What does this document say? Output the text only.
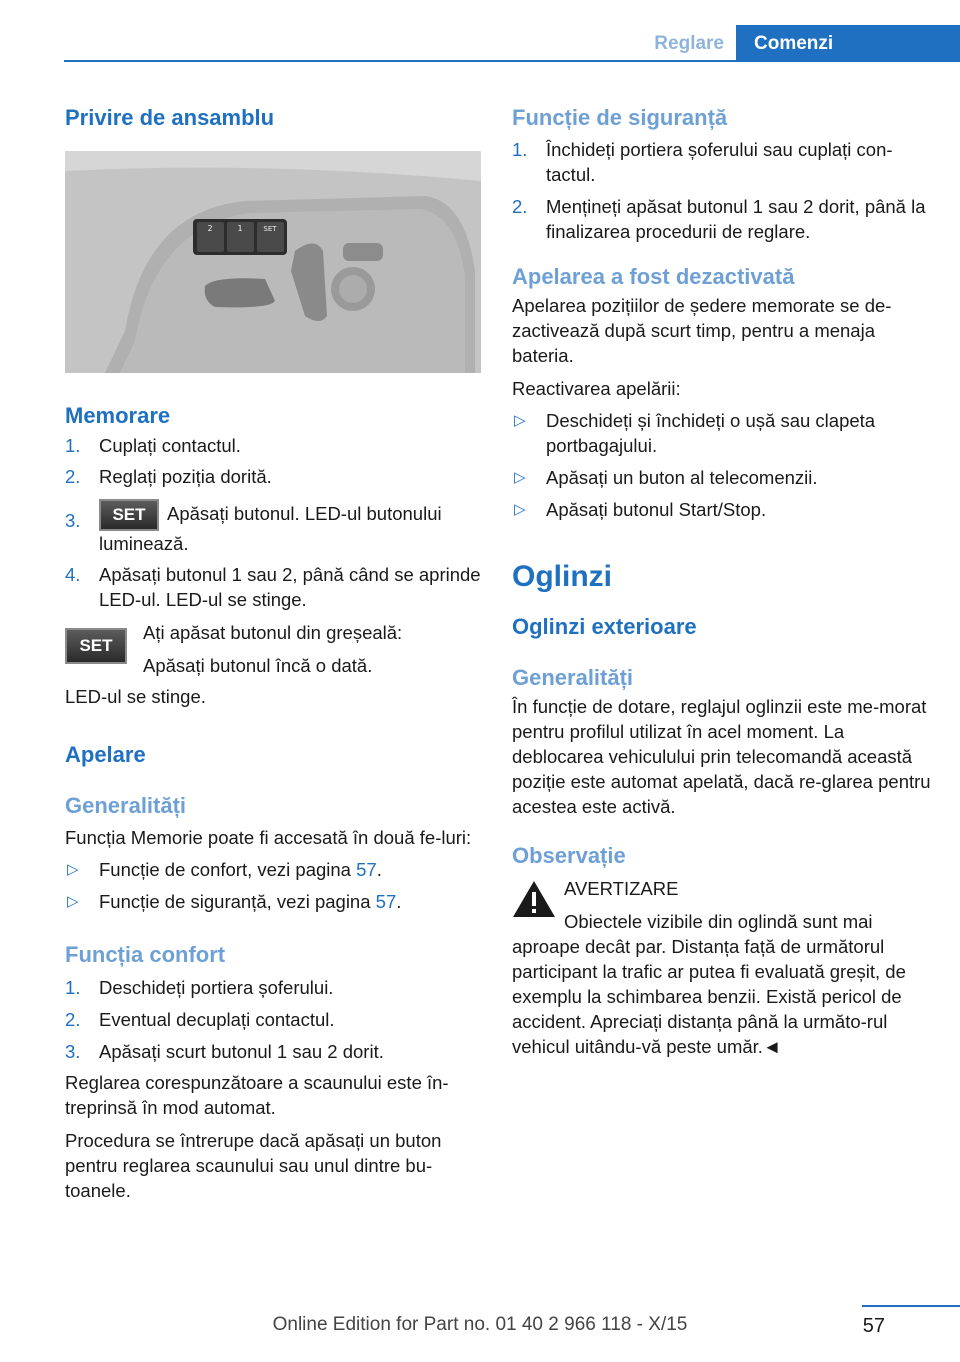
Reglare	Comenzi

Privire de ansamblu

2	1	SET

Memorare

1. Cuplați contactul.
2. Reglați poziția dorită.
3. SET Apăsați butonul. LED-ul butonului luminează.
4. Apăsați butonul 1 sau 2, până când se aprinde LED-ul. LED-ul se stinge.
SET

Ați apăsat butonul din greșeală:

Apăsați butonul încă o dată.

LED-ul se stinge.

Apelare

Generalități

Funcția Memorie poate fi accesată în două fe-luri:

▷ Funcție de confort, vezi pagina 57.
▷ Funcție de siguranță, vezi pagina 57.

Funcția confort

1. Deschideți portiera șoferului.
2. Eventual decuplați contactul.
3. Apăsați scurt butonul 1 sau 2 dorit.

Reglarea corespunzătoare a scaunului este în-treprinsă în mod automat.

Procedura se întrerupe dacă apăsați un buton pentru reglarea scaunului sau unul dintre bu-toanele.

Funcție de siguranță

1. Închideți portiera șoferului sau cuplați con-tactul.
2. Mențineți apăsat butonul 1 sau 2 dorit, până la finalizarea procedurii de reglare.

Apelarea a fost dezactivată

Apelarea pozițiilor de ședere memorate se de-zactivează după scurt timp, pentru a menaja bateria.

Reactivarea apelării:

▷ Deschideți și închideți o ușă sau clapeta portbagajului.
▷ Apăsați un buton al telecomenzii.
▷ Apăsați butonul Start/Stop.

Oglinzi

Oglinzi exterioare

Generalități

În funcție de dotare, reglajul oglinzii este me-morat pentru profilul utilizat în acel moment. La deblocarea vehiculului prin telecomandă această poziție este automat apelată, dacă re-glarea pentru acestea este activă.

Observație

AVERTIZARE

Obiectele vizibile din oglindă sunt mai

aproape decât par. Distanța față de următorul participant la trafic ar putea fi evaluată greșit, de exemplu la schimbarea benzii. Există pericol de accident. Apreciați distanța până la următo-rul vehicul uitându-vă peste umăr.◄

57
Online Edition for Part no. 01 40 2 966 118 - X/15
